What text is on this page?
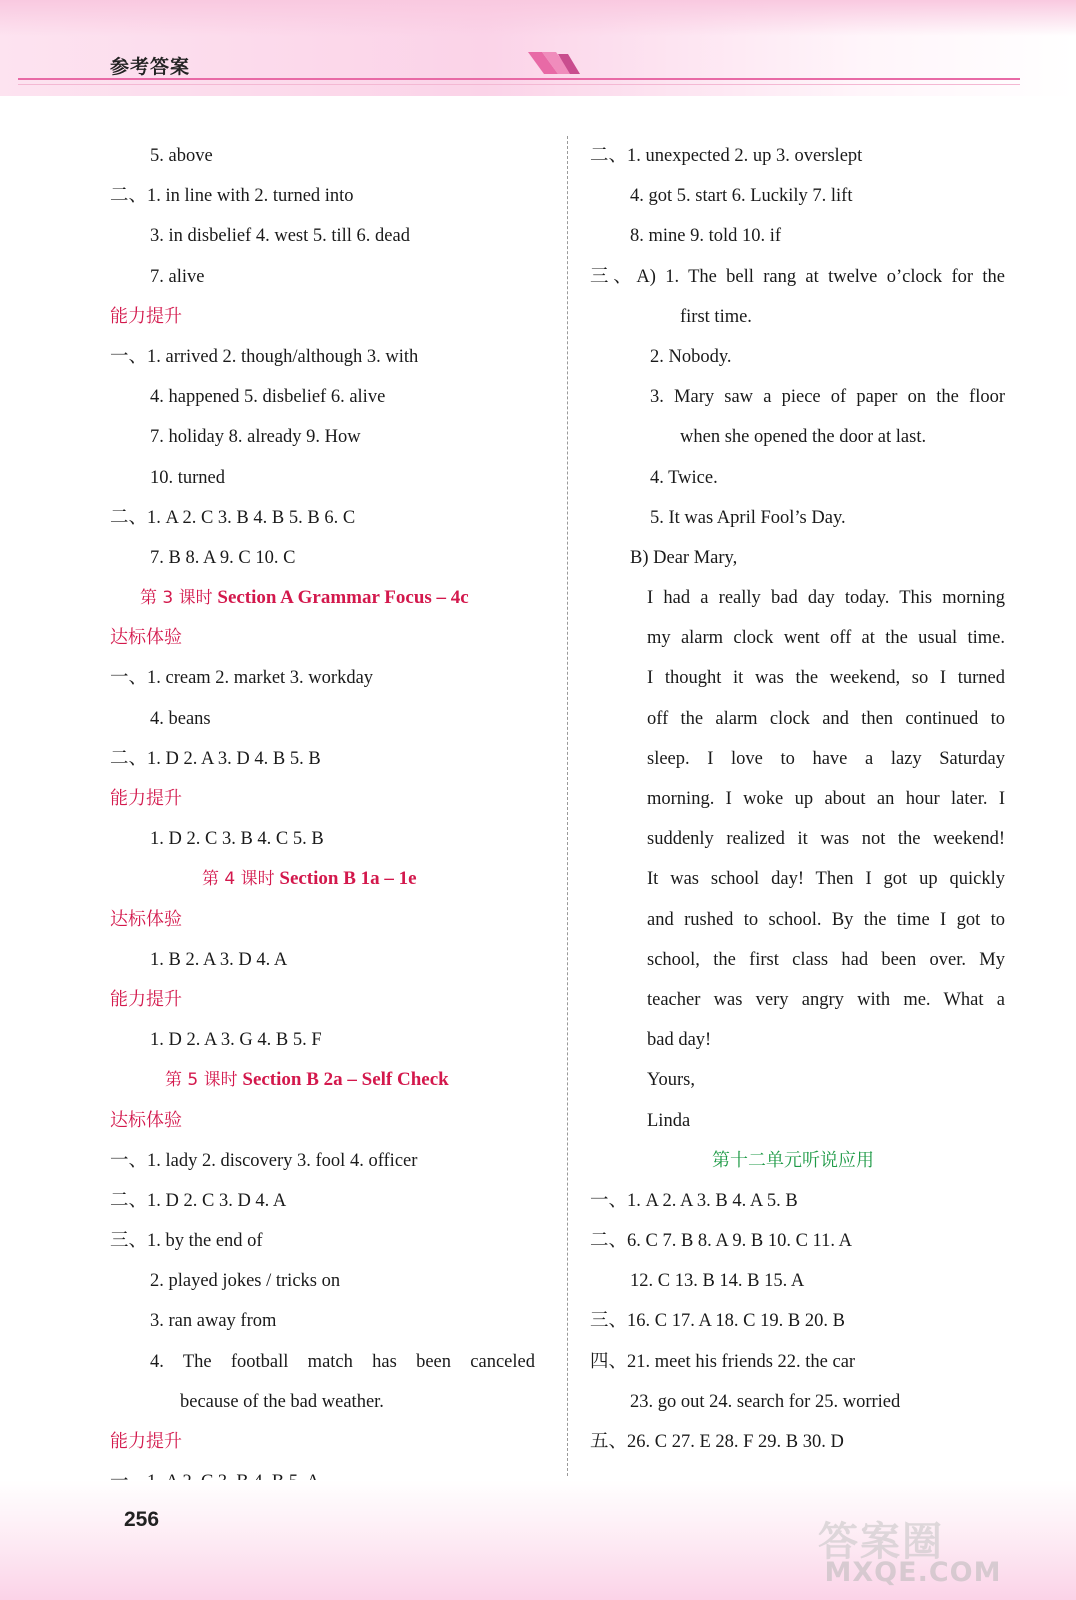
参考答案
5. above
二、1. in line with 2. turned into
3. in disbelief 4. west 5. till 6. dead
7. alive
能力提升
一、1. arrived 2. though/although 3. with
4. happened 5. disbelief 6. alive
7. holiday 8. already 9. How
10. turned
二、1. A 2. C 3. B 4. B 5. B 6. C
7. B 8. A 9. C 10. C
第 3 课时 Section A Grammar Focus – 4c
达标体验
一、1. cream 2. market 3. workday
4. beans
二、1. D 2. A 3. D 4. B 5. B
能力提升
1. D 2. C 3. B 4. C 5. B
第 4 课时 Section B 1a – 1e
达标体验
1. B 2. A 3. D 4. A
能力提升
1. D 2. A 3. G 4. B 5. F
第 5 课时 Section B 2a – Self Check
达标体验
一、1. lady 2. discovery 3. fool 4. officer
二、1. D 2. C 3. D 4. A
三、1. by the end of
2. played jokes / tricks on
3. ran away from
4. The football match has been canceled
because of the bad weather.
能力提升
二、1. unexpected 2. up 3. overslept
4. got 5. start 6. Luckily 7. lift
8. mine 9. told 10. if
三、A) 1. The bell rang at twelve o’clock for the
first time.
2. Nobody.
3. Mary saw a piece of paper on the floor
when she opened the door at last.
4. Twice.
5. It was April Fool’s Day.
B) Dear Mary,
I had a really bad day today. This morning
my alarm clock went off at the usual time.
I thought it was the weekend, so I turned
off the alarm clock and then continued to
sleep. I love to have a lazy Saturday
morning. I woke up about an hour later. I
suddenly realized it was not the weekend!
It was school day! Then I got up quickly
and rushed to school. By the time I got to
school, the first class had been over. My
teacher was very angry with me. What a
bad day!
Yours,
Linda
第十二单元听说应用
一、1. A 2. A 3. B 4. A 5. B
二、6. C 7. B 8. A 9. B 10. C 11. A
12. C 13. B 14. B 15. A
三、16. C 17. A 18. C 19. B 20. B
四、21. meet his friends 22. the car
23. go out 24. search for 25. worried
五、26. C 27. E 28. F 29. B 30. D
256	答案圈
MXQE.COM
